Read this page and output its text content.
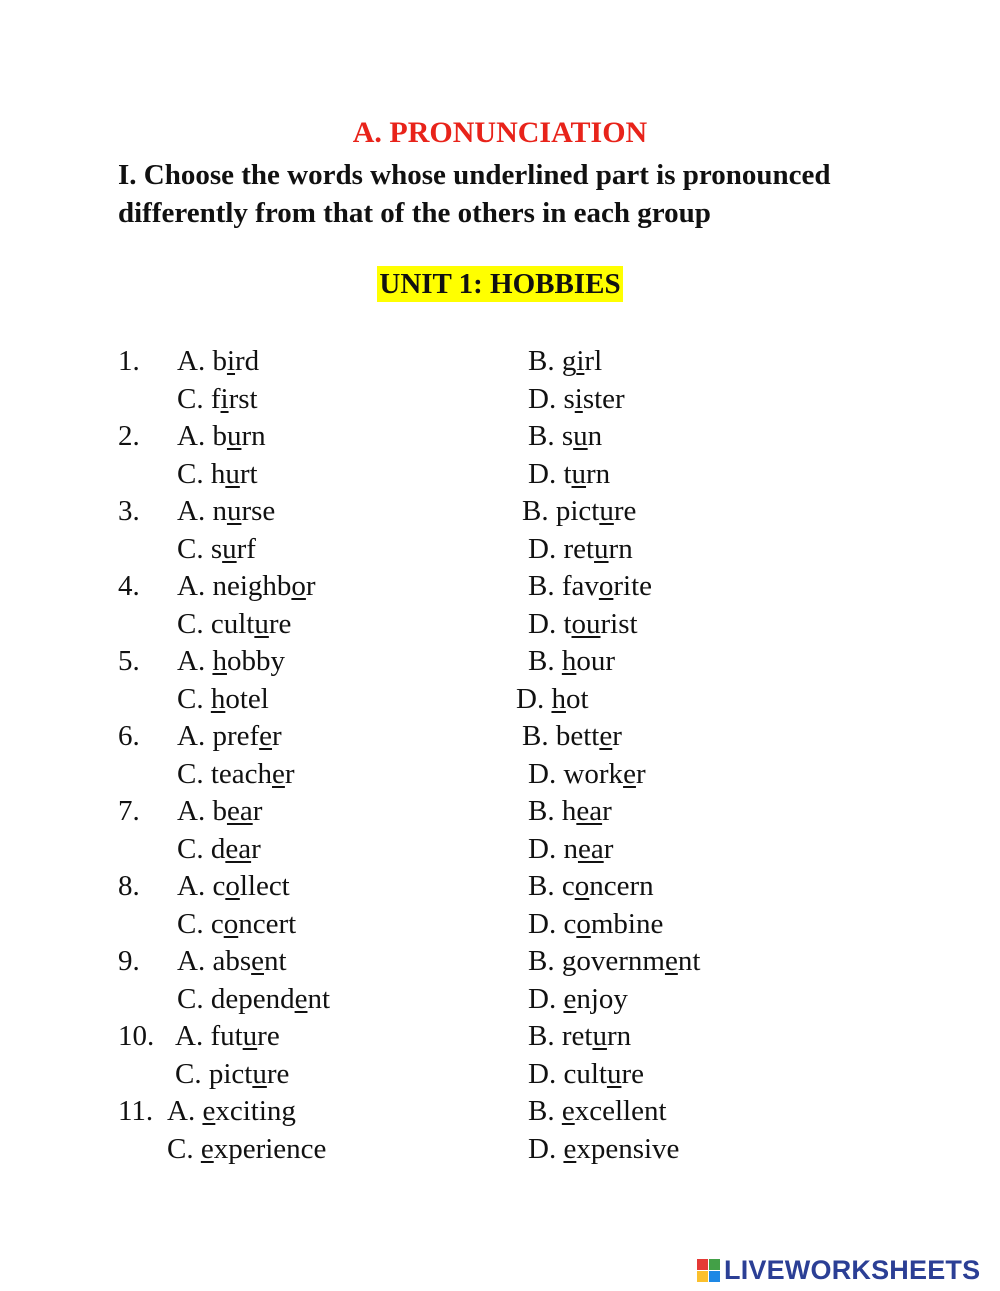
A. PRONUNCIATION

I. Choose the words whose underlined part is pronounced differently from that of the others in each group

UNIT 1: HOBBIES
1. A. bird	B. girl
C. first	D. sister
2. A. burn	B. sun
C. hurt	D. turn
3. A. nurse	B. picture
C. surf	D. return
4. A. neighbor	B. favorite
C. culture	D. tourist
5. A. hobby	B. hour
C. hotel	D. hot
6. A. prefer	B. better
C. teacher	D. worker
7. A. bear	B. hear
C. dear	D. near
8. A. collect	B. concern
C. concert	D. combine
9. A. absent	B. government
C. dependent	D. enjoy
10. A. future	B. return
C. picture	D. culture
11. A. exciting	B. excellent
C. experience	D. expensive
LIVEWORKSHEETS
